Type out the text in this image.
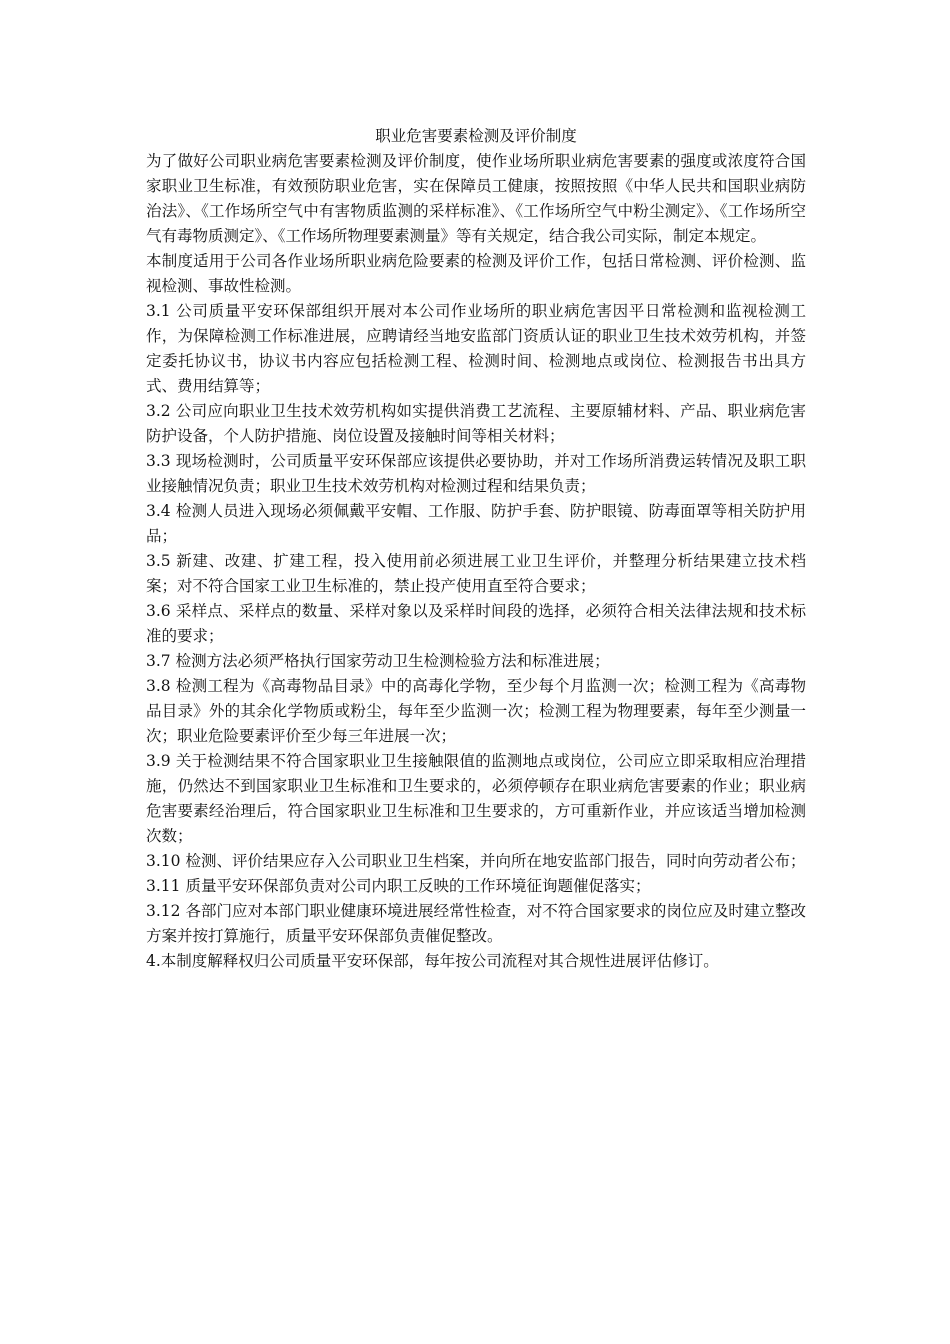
职业危害要素检测及评价制度

为了做好公司职业病危害要素检测及评价制度，使作业场所职业病危害要素的强度或浓度符合国家职业卫生标准，有效预防职业危害，实在保障员工健康，按照按照《中华人民共和国职业病防治法》、《工作场所空气中有害物质监测的采样标准》、《工作场所空气中粉尘测定》、《工作场所空气有毒物质测定》、《工作场所物理要素测量》等有关规定，结合我公司实际，制定本规定。

本制度适用于公司各作业场所职业病危险要素的检测及评价工作，包括日常检测、评价检测、监视检测、事故性检测。

3.1 公司质量平安环保部组织开展对本公司作业场所的职业病危害因平日常检测和监视检测工作，为保障检测工作标准进展，应聘请经当地安监部门资质认证的职业卫生技术效劳机构，并签定委托协议书，协议书内容应包括检测工程、检测时间、检测地点或岗位、检测报告书出具方式、费用结算等；

3.2 公司应向职业卫生技术效劳机构如实提供消费工艺流程、主要原辅材料、产品、职业病危害防护设备，个人防护措施、岗位设置及接触时间等相关材料；

3.3 现场检测时，公司质量平安环保部应该提供必要协助，并对工作场所消费运转情况及职工职业接触情况负责；职业卫生技术效劳机构对检测过程和结果负责；

3.4 检测人员进入现场必须佩戴平安帽、工作服、防护手套、防护眼镜、防毒面罩等相关防护用品；

3.5 新建、改建、扩建工程，投入使用前必须进展工业卫生评价，并整理分析结果建立技术档案；对不符合国家工业卫生标准的，禁止投产使用直至符合要求；

3.6 采样点、采样点的数量、采样对象以及采样时间段的选择，必须符合相关法律法规和技术标准的要求；

3.7 检测方法必须严格执行国家劳动卫生检测检验方法和标准进展；

3.8 检测工程为《高毒物品目录》中的高毒化学物，至少每个月监测一次；检测工程为《高毒物品目录》外的其余化学物质或粉尘，每年至少监测一次；检测工程为物理要素，每年至少测量一次；职业危险要素评价至少每三年进展一次；

3.9 关于检测结果不符合国家职业卫生接触限值的监测地点或岗位，公司应立即采取相应治理措施，仍然达不到国家职业卫生标准和卫生要求的，必须停顿存在职业病危害要素的作业；职业病危害要素经治理后，符合国家职业卫生标准和卫生要求的，方可重新作业，并应该适当增加检测次数；

3.10 检测、评价结果应存入公司职业卫生档案，并向所在地安监部门报告，同时向劳动者公布；

3.11 质量平安环保部负责对公司内职工反映的工作环境征询题催促落实；

3.12 各部门应对本部门职业健康环境进展经常性检查，对不符合国家要求的岗位应及时建立整改方案并按打算施行，质量平安环保部负责催促整改。

4.本制度解释权归公司质量平安环保部，每年按公司流程对其合规性进展评估修订。
